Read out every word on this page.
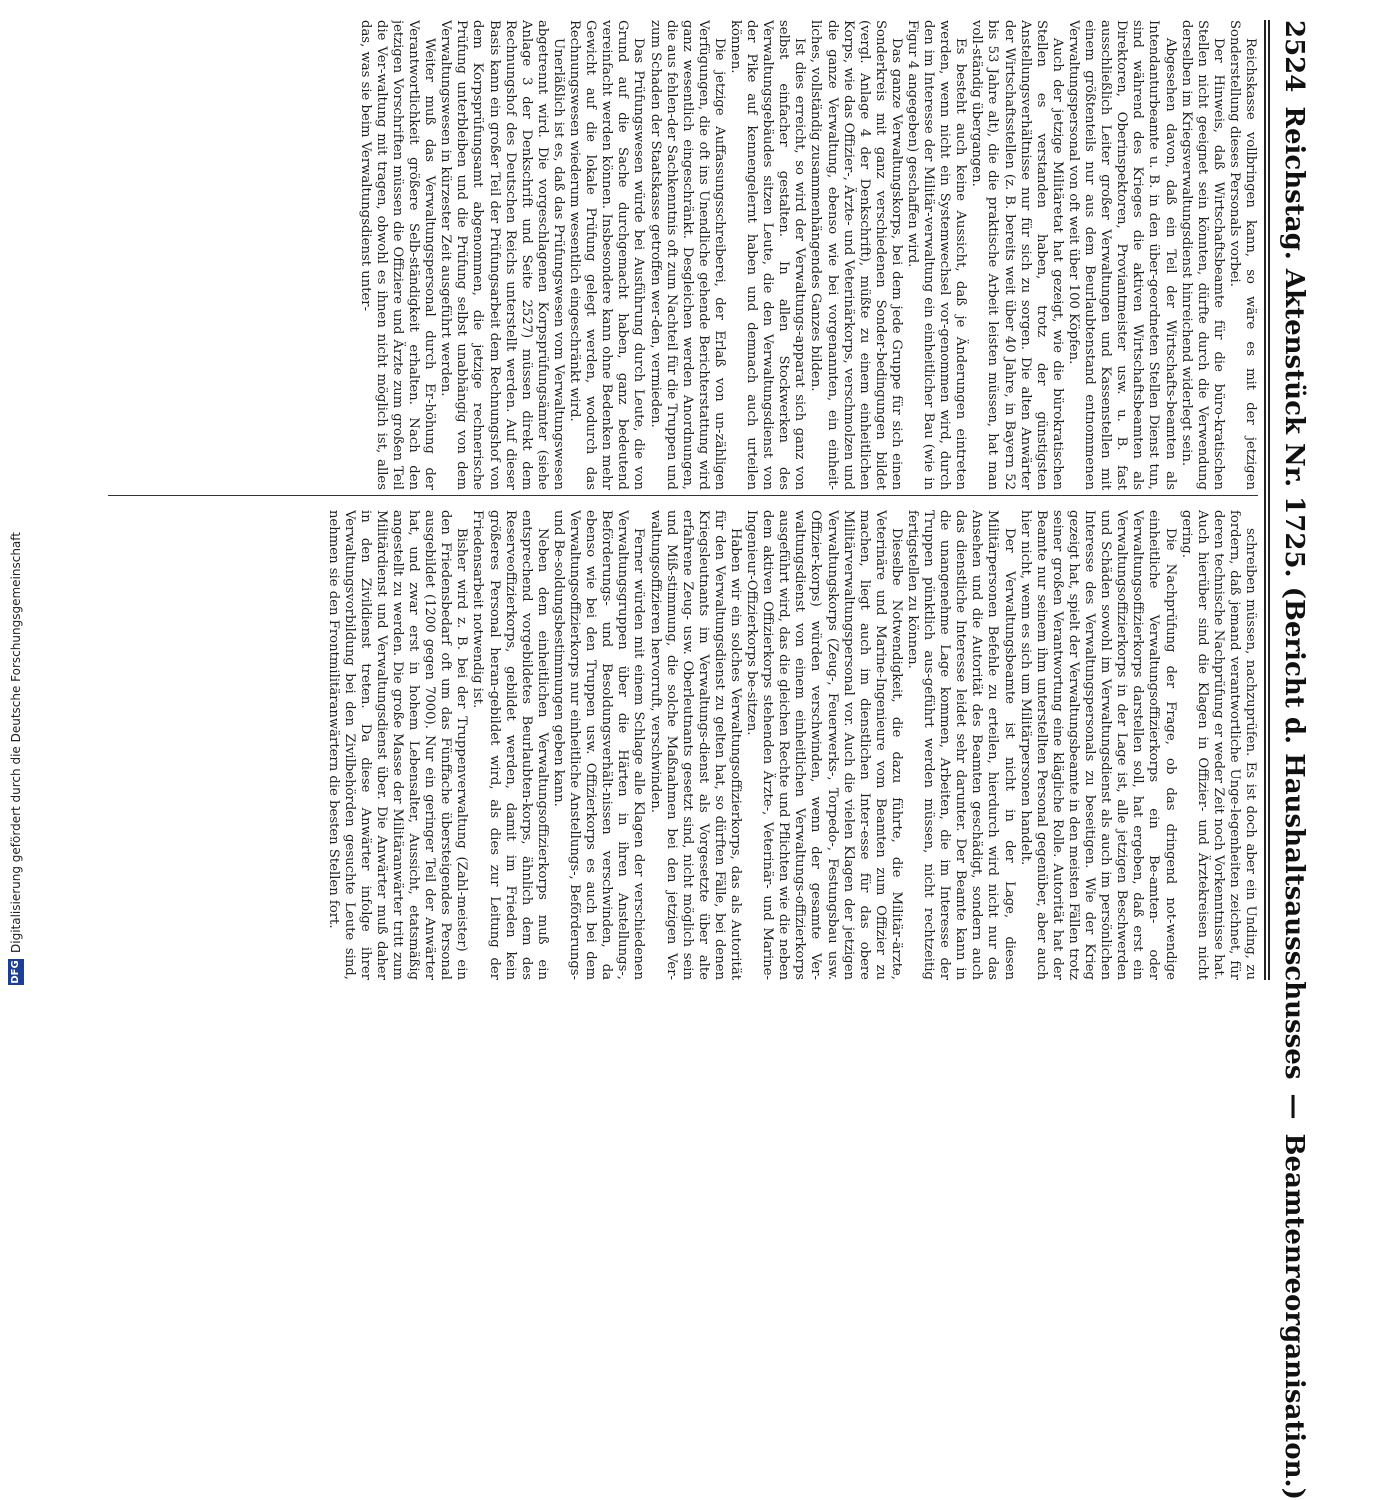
DFG
Digitalisierung gefördert durch die Deutsche Forschungsgemeinschaft
2524
Reichstag. Aktenstück Nr. 1725. (Bericht d. Haushaltsausschusses
—
Beamtenreorganisation.)

Reichskasse vollbringen kann, so wäre es mit der jetzigen Sonderstellung dieses Personals vorbei.

Der Hinweis, daß Wirtschaftsbeamte für die büro-kratischen Stellen nicht geeignet sein könnten, dürfte durch die Verwendung derselben im Kriegsverwaltungsdienst hinreichend widerlegt sein.

Abgesehen davon, daß ein Teil der Wirtschafts-beamten als Intendanturbeamte u. B. in den über-geordneten Stellen Dienst tun, sind während des Krieges die aktiven Wirtschaftsbeamten als Direktoren, Oberinspektoren, Proviantmeister usw. u. B. fast ausschließlich Leiter großer Verwaltungen und Kassenstellen mit einem größtenteils nur aus dem Beurlaubtenstand entnommenen Verwaltungspersonal von oft weit über 100 Köpfen.

Auch der jetzige Militäretat hat gezeigt, wie die bürokratischen Stellen es verstanden haben, trotz der günstigsten Anstellungsverhältnisse nur für sich zu sorgen. Die alten Anwärter der Wirtschaftsstellen (z. B. bereits weit über 40 Jahre, in Bayern 52 bis 53 Jahre alt), die die praktische Arbeit leisten müssen, hat man voll-ständig übergangen.

Es besteht auch keine Aussicht, daß je Änderungen eintreten werden, wenn nicht ein Systemwechsel vor-genommen wird, durch den im Interesse der Militär-verwaltung ein einheitlicher Bau (wie in Figur 4 angegeben) geschaffen wird.

Das ganze Verwaltungskorps, bei dem jede Gruppe für sich einen Sonderkreis mit ganz verschiedenen Sonder-bedingungen bildet (vergl. Anlage 4 der Denkschrift), müßte zu einem einheitlichen Korps, wie das Offizier-, Ärzte- und Veterinärkorps, verschmolzen und die ganze Verwaltung, ebenso wie bei vorgenannten, ein einheit-liches, vollständig zusammenhängendes Ganzes bilden.

Ist dies erreicht, so wird der Verwaltungs-apparat sich ganz von selbst einfacher gestalten. In allen Stockwerken des Verwaltungsgebäudes sitzen Leute, die den Verwaltungsdienst von der Pike auf kennengelernt haben und demnach auch urteilen können.

Die jetzige Auffassungsschreiberei, der Erlaß von un-zähligen Verfügungen, die oft ins Unendliche gehende Berichterstattung wird ganz wesentlich eingeschränkt. Desgleichen werden Anordnungen, die aus fehlen-der Sachkenntnis oft zum Nachteil für die Truppen und zum Schaden der Staatskasse getroffen wer-den, vermieden.

Das Prüfungswesen würde bei Ausführung durch Leute, die von Grund auf die Sache durchgemacht haben, ganz bedeutend vereinfacht werden können. Insbesondere kann ohne Bedenken mehr Gewicht auf die lokale Prüfung gelegt werden, wodurch das Rechnungswesen wiederum wesentlich eingeschränkt wird.

Unerläßlich ist es, daß das Prüfungswesen vom Verwaltungswesen abgetrennt wird. Die vorgeschlagenen Korpsprüfungsämter (siehe Anlage 3 der Denkschrift und Seite 2527) müssen direkt dem Rechnungshof des Deutschen Reichs unterstellt werden. Auf dieser Basis kann ein großer Teil der Prüfungsarbeit dem Rechnungshof von dem Korpsprüfungsamt abgenommen, die jetzige rechnerische Prüfung unterbleiben und die Prüfung selbst unabhängig von dem Verwaltungswesen in kürzester Zeit ausgeführt werden.

Weiter muß das Verwaltungspersonal durch Er-höhung der Verantwortlichkeit größere Selb-ständigkeit erhalten. Nach den jetzigen Vorschriften müssen die Offiziere und Ärzte zum großen Teil die Ver-waltung mit tragen, obwohl es ihnen nicht möglich ist, alles das, was sie beim Verwaltungsdienst unter-

schreiben müssen, nachzuprüfen. Es ist doch aber ein Unding, zu fordern, daß jemand verantwortliche Unge-legenheiten zeichnet, für deren technische Nachprüfung er weder Zeit noch Vorkenntnisse hat. Auch hierüber sind die Klagen in Offizier- und Ärztekreisen nicht gering.

Die Nachprüfung der Frage, ob das dringend not-wendige einheitliche Verwaltungsoffizierkorps ein Be-amten- oder Verwaltungsoffizierkorps darstellen soll, hat ergeben, daß erst ein Verwaltungsoffizierkorps in der Lage ist, alle jetzigen Beschwerden und Schäden sowohl im Verwaltungsdienst als auch im persönlichen Interesse des Verwaltungspersonals zu beseitigen. Wie der Krieg gezeigt hat, spielt der Verwaltungsbeamte in den meisten Fällen trotz seiner großen Verantwortung eine klägliche Rolle. Autorität hat der Beamte nur seinem ihm unterstellten Personal gegenüber, aber auch hier nicht, wenn es sich um Militärpersonen handelt.

Der Verwaltungsbeamte ist nicht in der Lage, diesen Militärpersonen Befehle zu erteilen, hierdurch wird nicht nur das Ansehen und die Autorität des Beamten geschädigt, sondern auch das dienstliche Interesse leidet sehr darunter. Der Beamte kann in die unangenehme Lage kommen, Arbeiten, die im Interesse der Truppen pünktlich aus-geführt werden müssen, nicht rechtzeitig fertigstellen zu können.

Dieselbe Notwendigkeit, die dazu führte, die Militär-ärzte, Veterinäre und Marine-Ingenieure vom Beamten zum Offizier zu machen, liegt auch im dienstlichen Inter-esse für das obere Militärverwaltungspersonal vor. Auch die vielen Klagen der jetzigen Verwaltungskorps (Zeug-, Feuerwerks-, Torpedo-, Festungsbau usw. Offizier-korps) würden verschwinden, wenn der gesamte Ver-waltungsdienst von einem einheitlichen Verwaltungs-offizierkorps ausgeführt wird, das die gleichen Rechte und Pflichten wie die neben dem aktiven Offizierkorps stehenden Ärzte-, Veterinär- und Marine-Ingenieur-Offizierkorps be-sitzen.

Haben wir ein solches Verwaltungsoffizierkorps, das als Autorität für den Verwaltungsdienst zu gelten hat, so dürften Fälle, bei denen Kriegsleutnants im Verwaltungs-dienst als Vorgesetzte über alte erfahrene Zeug- usw. Oberleutnants gesetzt sind, nicht möglich sein und Miß-stimmung, die solche Maßnahmen bei den jetzigen Ver-waltungsoffizieren hervorruft, verschwinden.

Ferner würden mit einem Schlage alle Klagen der verschiedenen Verwaltungsgruppen über die Härten in ihren Anstellungs-, Beförderungs- und Besoldungsverhält-nissen verschwinden, da ebenso wie bei den Truppen usw. Offizierkorps es auch bei dem Verwaltungsoffizierkorps nur einheitliche Anstellungs-, Beförderungs- und Be-soldungsbestimmungen geben kann.

Neben dem einheitlichen Verwaltungsoffizierkorps muß ein entsprechend vorgebildetes Beurlaubten-korps, ähnlich dem des Reserveoffizierkorps, gebildet werden, damit im Frieden kein größeres Personal heran-gebildet wird, als dies zur Leitung der Friedensarbeit notwendig ist.

Bisher wird z. B. bei der Truppenverwaltung (Zahl-meister) ein den Friedensbedarf oft um das Fünffache übersteigendes Personal ausgebildet (1200 gegen 7000). Nur ein geringer Teil der Anwärter hat, und zwar erst in hohem Lebensalter, Aussicht, etatsmäßig angestellt zu werden. Die große Masse der Militäranwärter tritt zum Militärdienst und Verwaltungsdienst über. Die Anwärter muß daher in den Zivildienst treten. Da diese Anwärter infolge ihrer Verwaltungsvorbildung bei den Zivilbehörden gesuchte Leute sind, nehmen sie den Frontmilitäranwärtern die besten Stellen fort.
